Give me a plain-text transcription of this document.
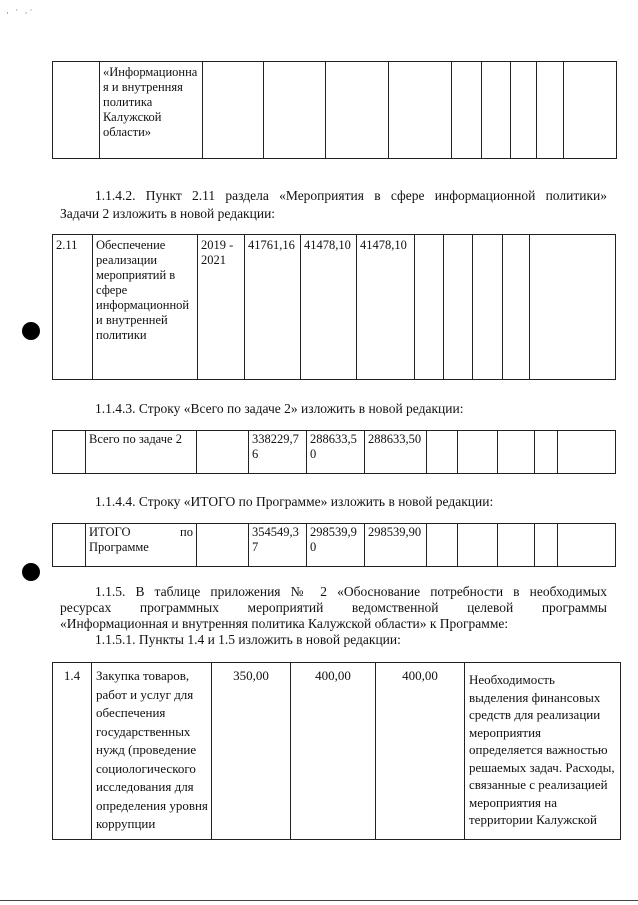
· ˙ ·˙
	«Информационная и внутренняя политика Калужской области»									
1.1.4.2. Пункт 2.11 раздела «Мероприятия в сфере информационной политики»
Задачи 2 изложить в новой редакции:
2.11	Обеспечение реализации мероприятий в сфере информационной и внутренней политики	2019 - 2021	41761,16	41478,10	41478,10					
1.1.4.3. Строку «Всего по задаче 2» изложить в новой редакции:
	Всего по задаче 2		338229,76	288633,50	288633,50					
1.1.4.4. Строку «ИТОГО по Программе» изложить в новой редакции:
	ИТОГО по Программе		354549,37	298539,90	298539,90					
1.1.5. В таблице приложения № 2 «Обоснование потребности в необходимых
ресурсах программных мероприятий ведомственной целевой программы
«Информационная и внутренняя политика Калужской области» к Программе:
1.1.5.1. Пункты 1.4 и 1.5 изложить в новой редакции:
1.4	Закупка товаров, работ и услуг для обеспечения государственных нужд (проведение социологического исследования для определения уровня коррупции	350,00	400,00	400,00	Необходимость выделения финансовых средств для реализации мероприятия определяется важностью решаемых задач. Расходы, связанные с реализацией мероприятия на территории Калужской
